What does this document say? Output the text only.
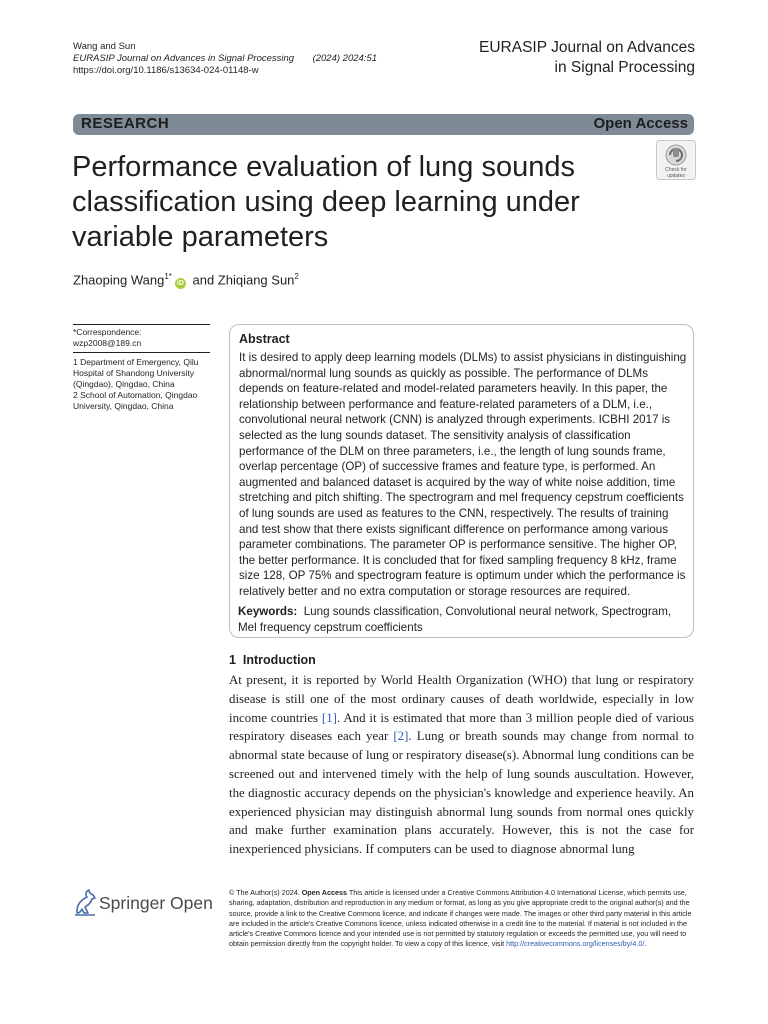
Wang and Sun
EURASIP Journal on Advances in Signal Processing (2024) 2024:51
https://doi.org/10.1186/s13634-024-01148-w
EURASIP Journal on Advances
in Signal Processing
RESEARCH	Open Access
Performance evaluation of lung sounds classification using deep learning under variable parameters
Check for
updates
Zhaoping Wang$^{1*}$iD and Zhiqiang Sun$^2$
*Correspondence:
wzp2008@189.cn
1 Department of Emergency, Qilu Hospital of Shandong University (Qingdao), Qingdao, China
2 School of Automation, Qingdao University, Qingdao, China
Abstract
It is desired to apply deep learning models (DLMs) to assist physicians in distinguishing abnormal/normal lung sounds as quickly as possible. The performance of DLMs depends on feature-related and model-related parameters heavily. In this paper, the relationship between performance and feature-related parameters of a DLM, i.e., convolutional neural network (CNN) is analyzed through experiments. ICBHI 2017 is selected as the lung sounds dataset. The sensitivity analysis of classification performance of the DLM on three parameters, i.e., the length of lung sounds frame, overlap percentage (OP) of successive frames and feature type, is performed. An augmented and balanced dataset is acquired by the way of white noise addition, time stretching and pitch shifting. The spectrogram and mel frequency cepstrum coefficients of lung sounds are used as features to the CNN, respectively. The results of training and test show that there exists significant difference on performance among various parameter combinations. The parameter OP is performance sensitive. The higher OP, the better performance. It is concluded that for fixed sampling frequency 8 kHz, frame size 128, OP 75% and spectrogram feature is optimum under which the performance is relatively better and no extra computation or storage resources are required.
Keywords: Lung sounds classification, Convolutional neural network, Spectrogram, Mel frequency cepstrum coefficients
1 Introduction
At present, it is reported by World Health Organization (WHO) that lung or respiratory disease is still one of the most ordinary causes of death worldwide, especially in low income countries [1]. And it is estimated that more than 3 million people died of various respiratory diseases each year [2]. Lung or breath sounds may change from normal to abnormal state because of lung or respiratory disease(s). Abnormal lung conditions can be screened out and intervened timely with the help of lung sounds auscultation. However, the diagnostic accuracy depends on the physician's knowledge and experience heavily. An experienced physician may distinguish abnormal lung sounds from normal ones quickly and make further examination plans accurately. However, this is not the case for inexperienced physicians. If computers can be used to diagnose abnormal lung
Springer Open
© The Author(s) 2024. Open Access This article is licensed under a Creative Commons Attribution 4.0 International License, which permits use, sharing, adaptation, distribution and reproduction in any medium or format, as long as you give appropriate credit to the original author(s) and the source, provide a link to the Creative Commons licence, and indicate if changes were made. The images or other third party material in this article are included in the article's Creative Commons licence, unless indicated otherwise in a credit line to the material. If material is not included in the article's Creative Commons licence and your intended use is not permitted by statutory regulation or exceeds the permitted use, you will need to obtain permission directly from the copyright holder. To view a copy of this licence, visit http://creativecommons.org/licenses/by/4.0/.
